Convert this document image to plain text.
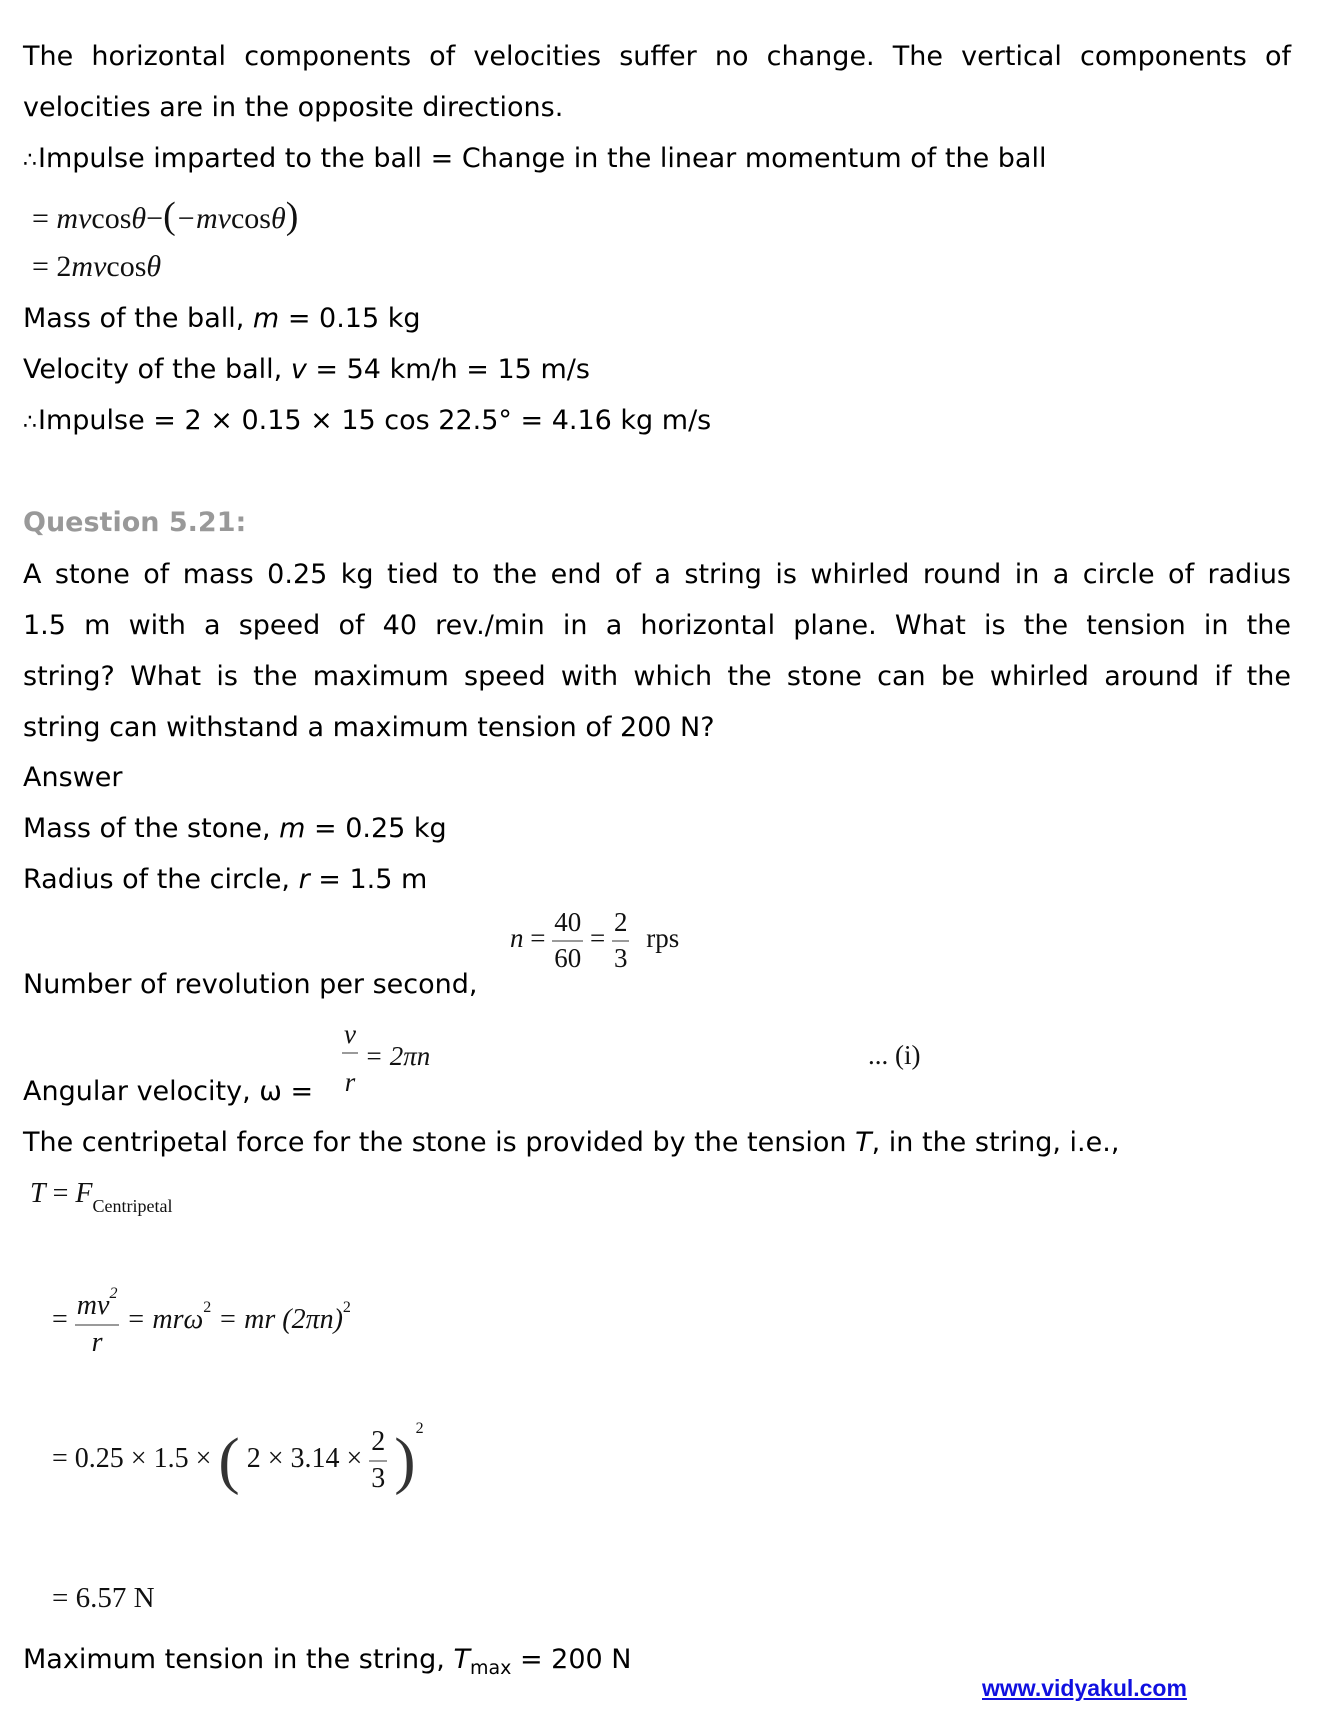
The horizontal components of velocities suffer no change. The vertical components of
velocities are in the opposite directions.
∴ Impulse imparted to the ball = Change in the linear momentum of the ball
= mvcosθ−(−mvcosθ)
= 2mvcosθ
Mass of the ball, m = 0.15 kg
Velocity of the ball, v = 54 km/h = 15 m/s
∴ Impulse = 2 × 0.15 × 15 cos 22.5° = 4.16 kg m/s
Question 5.21:
A stone of mass 0.25 kg tied to the end of a string is whirled round in a circle of radius
1.5 m with a speed of 40 rev./min in a horizontal plane. What is the tension in the
string? What is the maximum speed with which the stone can be whirled around if the
string can withstand a maximum tension of 200 N?
Answer
Mass of the stone, m = 0.25 kg
Radius of the circle, r = 1.5 m
Number of revolution per second,
$n = \frac{40}{60} = \frac{2}{3}$ rps
Angular velocity, $\omega = \frac{v}{r} = 2\pi n$	... (i)
The centripetal force for the stone is provided by the tension T, in the string, i.e.,
$T = F_{Centripetal}$
= $\frac{mv^2}{r} = mr\omega^2$ = mr $(2\pi n)^2$
= 0.25 × 1.5 × ( $2 \times 3.14 \times \frac{2}{3} )^2$
= 6.57 N
Maximum tension in the string, $T_{max} = 200$ N
www.vidyakul.com
